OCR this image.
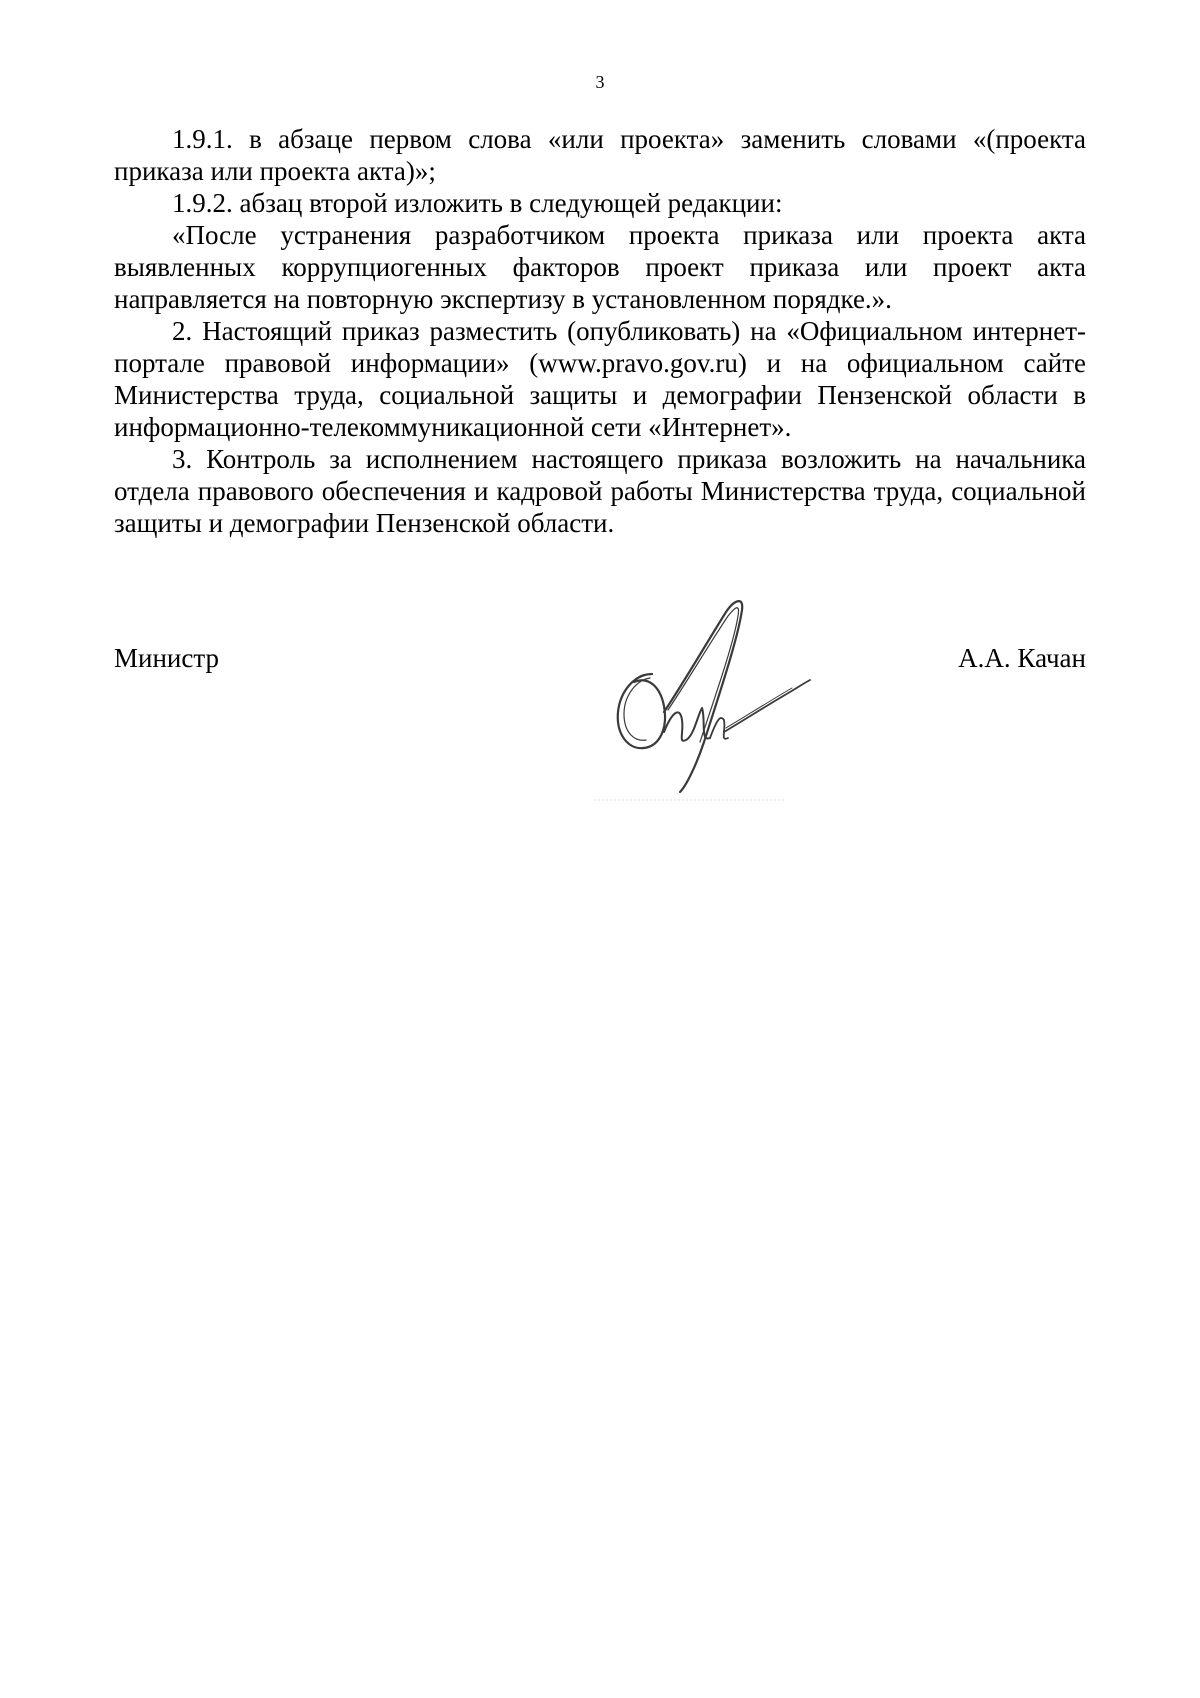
3

1.9.1. в абзаце первом слова «или проекта» заменить словами «(проекта приказа или проекта акта)»;

1.9.2. абзац второй изложить в следующей редакции:

«После устранения разработчиком проекта приказа или проекта акта выявленных коррупциогенных факторов проект приказа или проект акта направляется на повторную экспертизу в установленном порядке.».

2. Настоящий приказ разместить (опубликовать) на «Официальном интернет-портале правовой информации» (www.pravo.gov.ru) и на официальном сайте Министерства труда, социальной защиты и демографии Пензенской области в информационно-телекоммуникационной сети «Интернет».

3. Контроль за исполнением настоящего приказа возложить на начальника отдела правового обеспечения и кадровой работы Министерства труда, социальной защиты и демографии Пензенской области.

Министр	А.А. Качан
